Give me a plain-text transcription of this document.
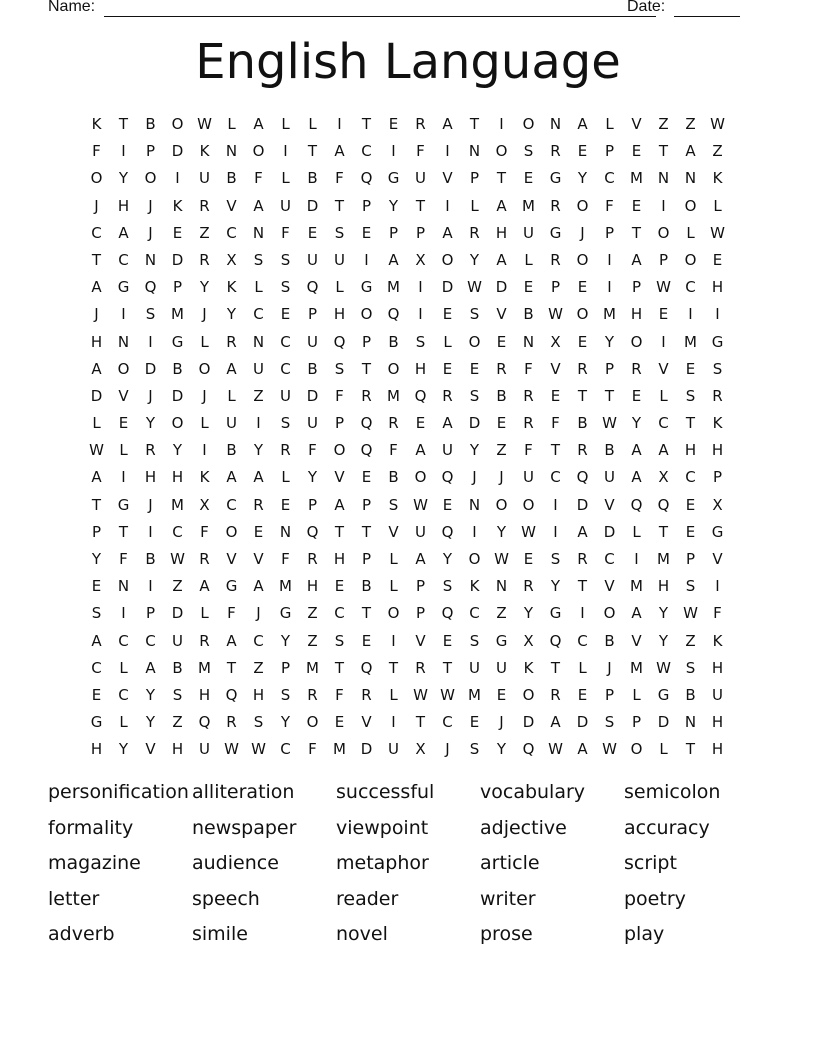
Name:	Date:
English Language
K	T	B	O W	L	A	L	L	I	T	E	R	A	T	I	O	N	A	L	V	Z	Z W
F	I	P	D	K	N	O	I	T	A	C	I	F	I	N	O	S	R	E	P	E	T	A	Z
O	Y	O	I	U	B	F	L	B	F	Q	G	U	V	P	T	E	G	Y	C	M N	N	K
J	H	J	K	R	V	A	U	D	T	P	Y	T	I	L	A	M	R	O	F	E	I	O	L
C	A	J	E	Z	C	N	F	E	S	E	P	P	A	R	H	U	G	J	P	T	O	L	W
T	C	N	D	R	X	S	S	U	U	I	A	X	O	Y	A	L	R	O	I	A	P	O	E
A	G	Q	P	Y	K	L	S	Q	L	G M	I	D W D	E	P	E	I	P	W C	H
J	I	S	M	J	Y	C	E	P	H	O	Q	I	E	S	V	B W O M H	E	I	I
H	N	I	G	L	R	N	C	U	Q	P	B	S	L	O	E	N	X	E	Y	O	I	M G
A	O	D	B	O	A	U	C	B	S	T	O	H	E	E	R	F	V	R	P	R	V	E	S
D	V	J	D	J	L	Z	U	D	F	R	M Q	R	S	B	R	E	T	T	E	L	S	R
L	E	Y	O	L	U	I	S	U	P	Q	R	E	A	D	E	R	F	B W Y	C	T	K
W	L	R	Y	I	B	Y	R	F	O	Q	F	A	U	Y	Z	F	T	R	B	A	A	H	H
A	I	H	H	K	A	A	L	Y	V	E	B	O	Q	J	J	U	C	Q	U	A	X	C	P
T	G	J	M	X	C	R	E	P	A	P	S W E	N	O	O	I	D	V	Q	Q	E	X
P	T	I	C	F	O	E	N	Q	T	T	V	U	Q	I	Y	W	I	A	D	L	T	E	G
Y	F	B W R	V	V	F	R	H	P	L	A	Y	O W E	S	R	C	I	M	P	V
E	N	I	Z	A	G	A	M H	E	B	L	P	S	K	N	R	Y	T	V	M H	S	I
S	I	P	D	L	F	J	G	Z	C	T	O	P	Q	C	Z	Y	G	I	O	A	Y	W	F
A	C	C	U	R	A	C	Y	Z	S	E	I	V	E	S	G	X	Q	C	B	V	Y	Z	K
C	L	A	B	M	T	Z	P	M	T	Q	T	R	T	U	U	K	T	L	J	M W S	H
E	C	Y	S	H	Q	H	S	R	F	R	L	W W M	E	O	R	E	P	L	G	B	U
G	L	Y	Z	Q	R	S	Y	O	E	V	I	T	C	E	J	D	A	D	S	P	D	N	H
H	Y	V	H	U W W C	F	M D	U	X	J	S	Y	Q W A W O	L	T	H
personification alliteration	successful	vocabulary	semicolon
formality	newspaper	viewpoint	adjective	accuracy
magazine	audience	metaphor	article	script
letter	speech	reader	writer	poetry
adverb	simile	novel	prose	play
